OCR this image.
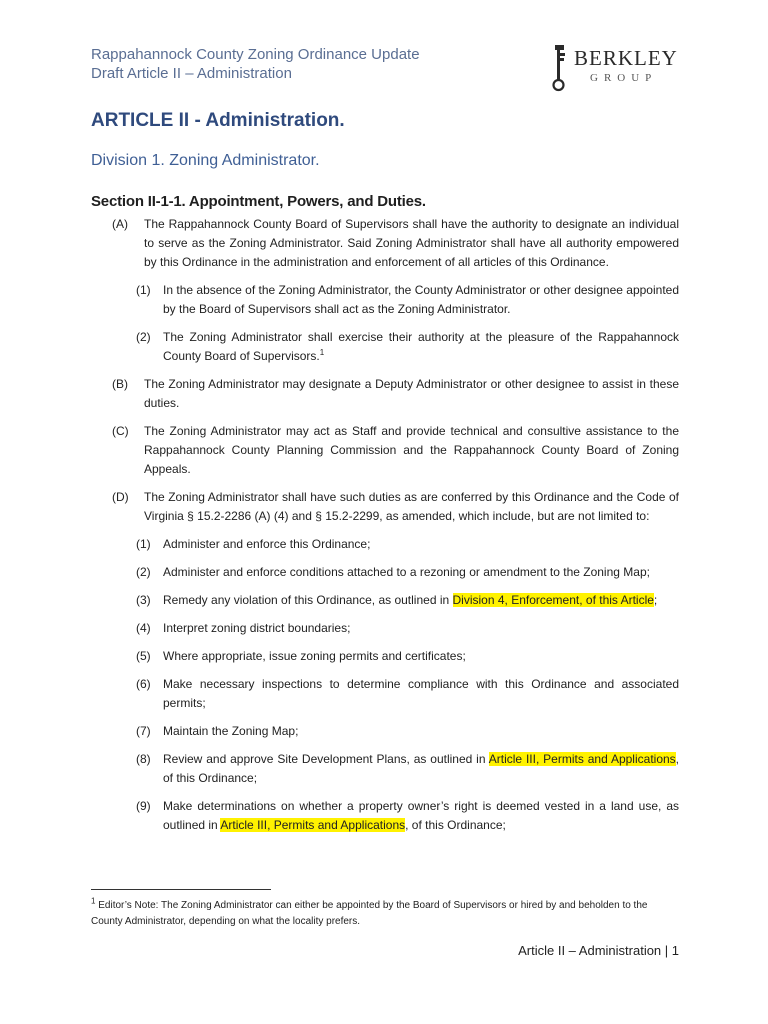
Rappahannock County Zoning Ordinance Update
Draft Article II – Administration
BERKLEY
GROUP
ARTICLE II - Administration.
Division 1. Zoning Administrator.
Section II-1-1. Appointment, Powers, and Duties.
(A)	The Rappahannock County Board of Supervisors shall have the authority to designate an individual to serve as the Zoning Administrator. Said Zoning Administrator shall have all authority empowered by this Ordinance in the administration and enforcement of all articles of this Ordinance.
(1)	In the absence of the Zoning Administrator, the County Administrator or other designee appointed by the Board of Supervisors shall act as the Zoning Administrator.
(2)	The Zoning Administrator shall exercise their authority at the pleasure of the Rappahannock County Board of Supervisors.$^1$
(B)	The Zoning Administrator may designate a Deputy Administrator or other designee to assist in these duties.
(C)	The Zoning Administrator may act as Staff and provide technical and consultive assistance to the Rappahannock County Planning Commission and the Rappahannock County Board of Zoning Appeals.
(D)	The Zoning Administrator shall have such duties as are conferred by this Ordinance and the Code of Virginia § 15.2-2286 (A) (4) and § 15.2-2299, as amended, which include, but are not limited to:
(1)	Administer and enforce this Ordinance;
(2)	Administer and enforce conditions attached to a rezoning or amendment to the Zoning Map;
(3)	Remedy any violation of this Ordinance, as outlined in Division 4, Enforcement, of this Article;
(4)	Interpret zoning district boundaries;
(5)	Where appropriate, issue zoning permits and certificates;
(6)	Make necessary inspections to determine compliance with this Ordinance and associated permits;
(7)	Maintain the Zoning Map;
(8)	Review and approve Site Development Plans, as outlined in Article III, Permits and Applications, of this Ordinance;
(9)	Make determinations on whether a property owner’s right is deemed vested in a land use, as outlined in Article III, Permits and Applications, of this Ordinance;
$^1$ Editor’s Note: The Zoning Administrator can either be appointed by the Board of Supervisors or hired by and beholden to the County Administrator, depending on what the locality prefers.
Article II – Administration | 1
